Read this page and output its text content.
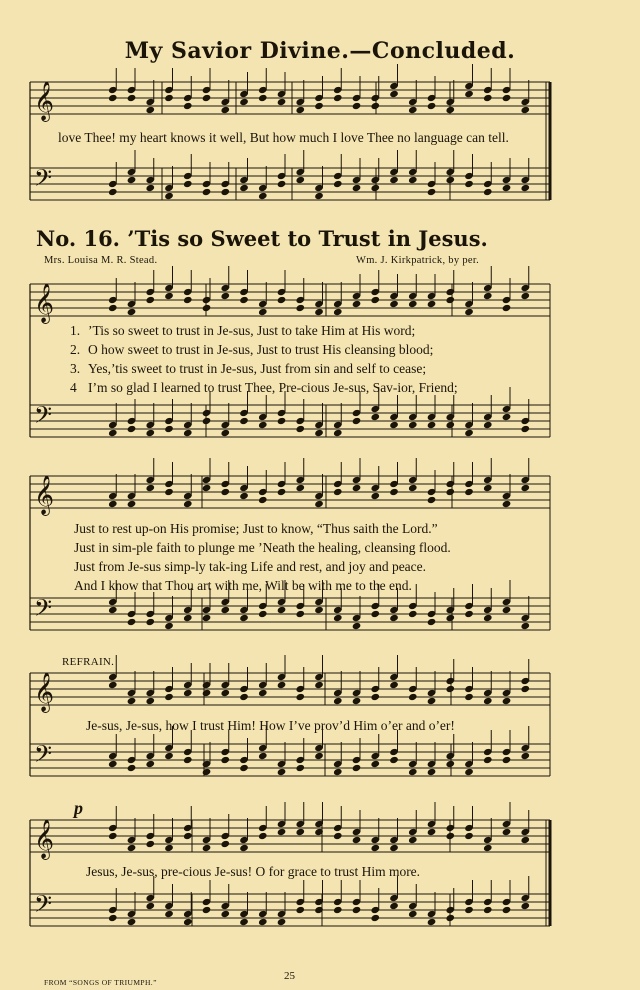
My Savior Divine.—Concluded.
𝄞
𝄢
𝄞
𝄢
𝄞
𝄢
𝄞
𝄢
𝄞
𝄢
love Thee! my heart knows it well, But how much I love Thee no language can tell.
No. 16. ’Tis so Sweet to Trust in Jesus.
Mrs. Louisa M. R. Stead.	Wm. J. Kirkpatrick, by per.
1. ’Tis so sweet to trust in Je-sus, Just to take Him at His word;
2. O how sweet to trust in Je-sus, Just to trust His cleansing blood;
3. Yes,’tis sweet to trust in Je-sus, Just from sin and self to cease;
4 I’m so glad I learned to trust Thee, Pre-cious Je-sus, Sav-ior, Friend;
Just to rest up-on His promise; Just to know, “Thus saith the Lord.”
Just in sim-ple faith to plunge me ’Neath the healing, cleansing flood.
Just from Je-sus simp-ly tak-ing Life and rest, and joy and peace.
And I know that Thou art with me, Wilt be with me to the end.
REFRAIN.
Je-sus, Je-sus, how I trust Him! How I’ve prov’d Him o’er and o’er!
p
Jesus, Je-sus, pre-cious Je-sus! O for grace to trust Him more.
25
FROM “SONGS OF TRIUMPH.”
